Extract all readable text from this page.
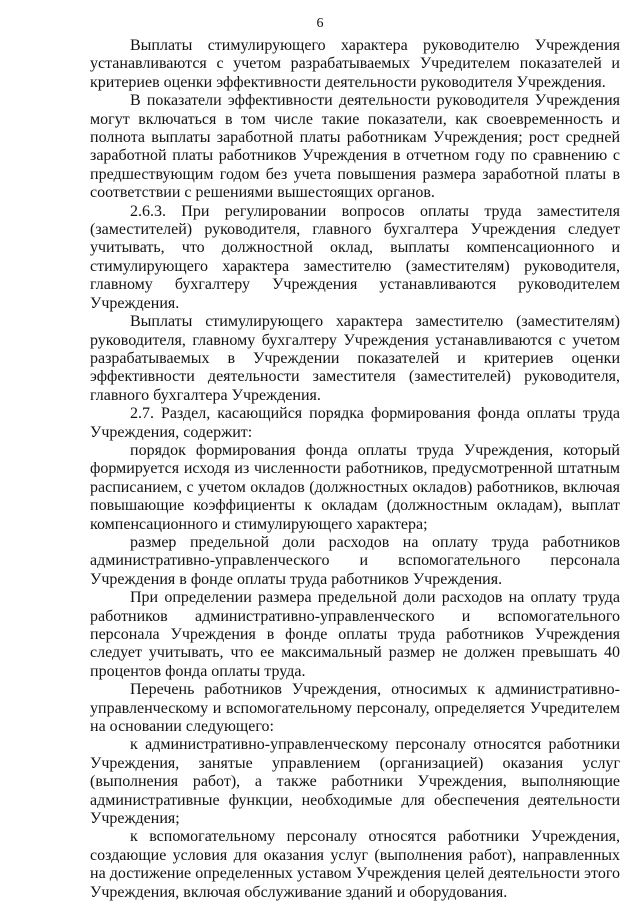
6

Выплаты стимулирующего характера руководителю Учреждения устанавливаются с учетом разрабатываемых Учредителем показателей и критериев оценки эффективности деятельности руководителя Учреждения.

В показатели эффективности деятельности руководителя Учреждения могут включаться в том числе такие показатели, как своевременность и полнота выплаты заработной платы работникам Учреждения; рост средней заработной платы работников Учреждения в отчетном году по сравнению с предшествующим годом без учета повышения размера заработной платы в соответствии с решениями вышестоящих органов.

2.6.3. При регулировании вопросов оплаты труда заместителя (заместителей) руководителя, главного бухгалтера Учреждения следует учитывать, что должностной оклад, выплаты компенсационного и стимулирующего характера заместителю (заместителям) руководителя, главному бухгалтеру Учреждения устанавливаются руководителем Учреждения.

Выплаты стимулирующего характера заместителю (заместителям) руководителя, главному бухгалтеру Учреждения устанавливаются с учетом разрабатываемых в Учреждении показателей и критериев оценки эффективности деятельности заместителя (заместителей) руководителя, главного бухгалтера Учреждения.

2.7. Раздел, касающийся порядка формирования фонда оплаты труда Учреждения, содержит:

порядок формирования фонда оплаты труда Учреждения, который формируется исходя из численности работников, предусмотренной штатным расписанием, с учетом окладов (должностных окладов) работников, включая повышающие коэффициенты к окладам (должностным окладам), выплат компенсационного и стимулирующего характера;

размер предельной доли расходов на оплату труда работников административно-управленческого и вспомогательного персонала Учреждения в фонде оплаты труда работников Учреждения.

При определении размера предельной доли расходов на оплату труда работников административно-управленческого и вспомогательного персонала Учреждения в фонде оплаты труда работников Учреждения следует учитывать, что ее максимальный размер не должен превышать 40 процентов фонда оплаты труда.

Перечень работников Учреждения, относимых к административно-управленческому и вспомогательному персоналу, определяется Учредителем на основании следующего:

к административно-управленческому персоналу относятся работники Учреждения, занятые управлением (организацией) оказания услуг (выполнения работ), а также работники Учреждения, выполняющие административные функции, необходимые для обеспечения деятельности Учреждения;

к вспомогательному персоналу относятся работники Учреждения, создающие условия для оказания услуг (выполнения работ), направленных на достижение определенных уставом Учреждения целей деятельности этого Учреждения, включая обслуживание зданий и оборудования.
